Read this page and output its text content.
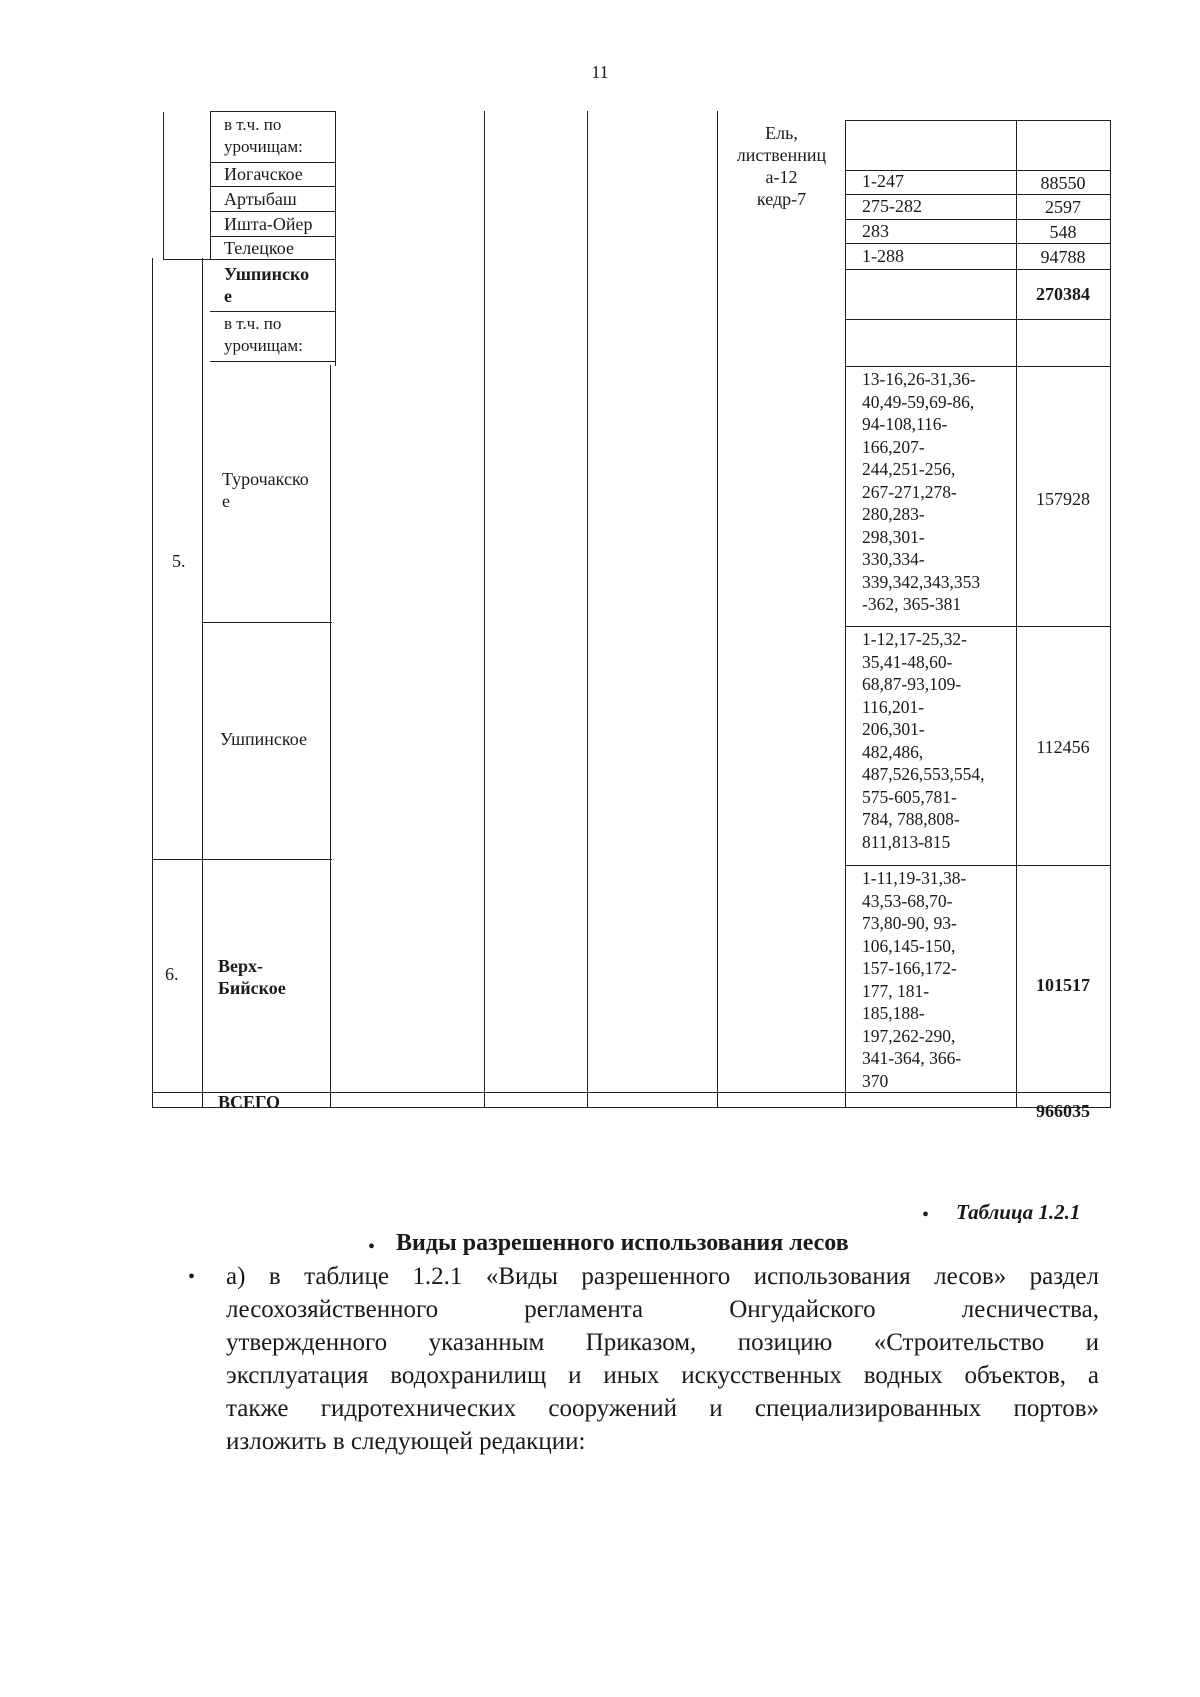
11
5.
в т.ч. по
урочищам:
Иогачское
Артыбаш
Ишта-Ойер
Телецкое
Ель,
лиственниц
а-12
кедр-7
1-247
275-282
283
1-288
88550
2597
548
94788
Ушпинско
е	270384
в т.ч. по
урочищам:
Турочакско
е
13-16,26-31,36-
40,49-59,69-86,
94-108,116-
166,207-
244,251-256,
267-271,278-
280,283-
298,301-
330,334-
339,342,343,353
-362, 365-381
157928
Ушпинское
1-12,17-25,32-
35,41-48,60-
68,87-93,109-
116,201-
206,301-
482,486,
487,526,553,554,
575-605,781-
784, 788,808-
811,813-815
112456
6. Верх-
Бийское
1-11,19-31,38-
43,53-68,70-
73,80-90, 93-
106,145-150,
157-166,172-
177, 181-
185,188-
197,262-290,
341-364, 366-
370
101517
ВСЕГО	966035
• Таблица 1.2.1
• Виды разрешенного использования лесов
• а) в таблице 1.2.1 «Виды разрешенного использования лесов» раздел
лесохозяйственного регламента Онгудайского лесничества,
утвержденного указанным Приказом, позицию «Строительство и
эксплуатация водохранилищ и иных искусственных водных объектов, а
также гидротехнических сооружений и специализированных портов»
изложить в следующей редакции:
